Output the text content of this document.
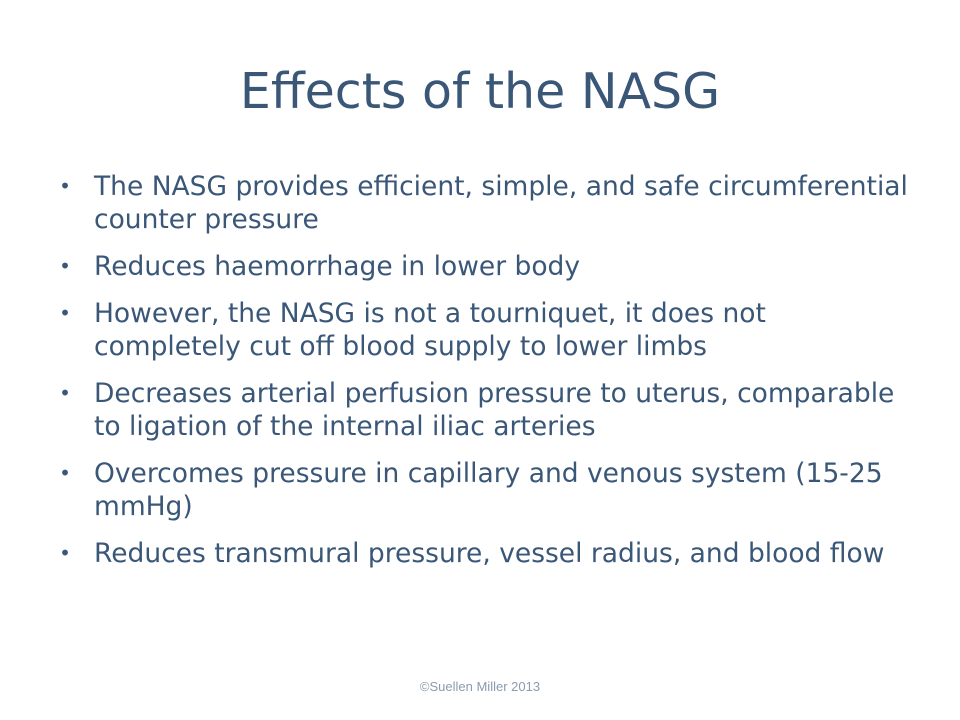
Effects of the NASG
• The NASG provides efficient, simple, and safe circumferential counter pressure
• Reduces haemorrhage in lower body
• However, the NASG is not a tourniquet, it does not completely cut off blood supply to lower limbs
• Decreases arterial perfusion pressure to uterus, comparable to ligation of the internal iliac arteries
• Overcomes pressure in capillary and venous system (15-25 mmHg)
• Reduces transmural pressure, vessel radius, and blood flow
©Suellen Miller 2013
